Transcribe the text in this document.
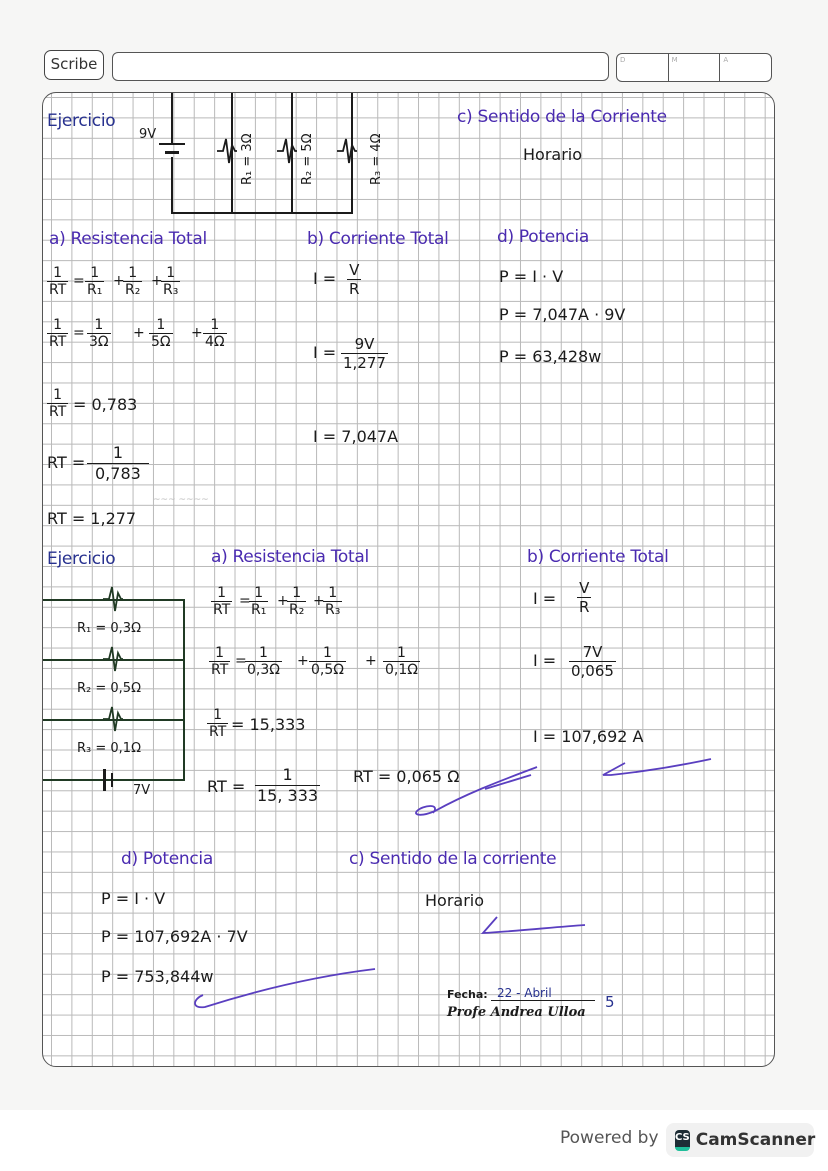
Scribe	D	M	A
Ejercicio
9V	R₁ = 3Ω	R₂ = 5Ω	R₃ = 4Ω
c) Sentido de la Corriente
Horario
a) Resistencia Total
$\frac{1}{RT} = \frac{1}{\text{R₁}}$ +
$\frac{1}{\text{R₂}}$ +
$\frac{1}{\text{R₃}}$
$\frac{1}{RT} = \frac{1}{3\Omega} + \frac{1}{5\Omega} + \frac{1}{4\Omega}$
$\frac{1}{RT} = 0,783$
RT = $\frac{1}{0,783}$
RT = 1,277
~~~ ~~~~
b) Corriente Total
$I = \frac{V}{R}$
$I = \frac{9V}{1,277}$
I = 7,047A
d) Potencia
P = I · V
P = 7,047A · 9V
P = 63,428w
Ejercicio
R₁ = 0,3Ω
R₂ = 0,5Ω
R₃ = 0,1Ω
7V
a) Resistencia Total
$\frac{1}{RT}$ =
$\frac{1}{\text{R₁}}$ +
$\frac{1}{\text{R₂}}$ +
$\frac{1}{\text{R₃}}$
$\frac{1}{RT}$ =
$\frac{1}{0,3\Omega} + \frac{1}{0,5\Omega} + \frac{1}{0,1\Omega}$
$\frac{1}{RT} = 15,333$
RT = $\frac{1}{15, 333}$ RT = 0,065 Ω
b) Corriente Total
$I = \frac{V}{R}$
$I = \frac{7V}{0,065}$
I = 107,692 A
d) Potencia
P = I · V
P = 107,692A · 7V
P = 753,844w
c) Sentido de la corriente
Horario
Fecha: 22 - Abril
Profe Andrea Ulloa
5
Powered by CS CamScanner
